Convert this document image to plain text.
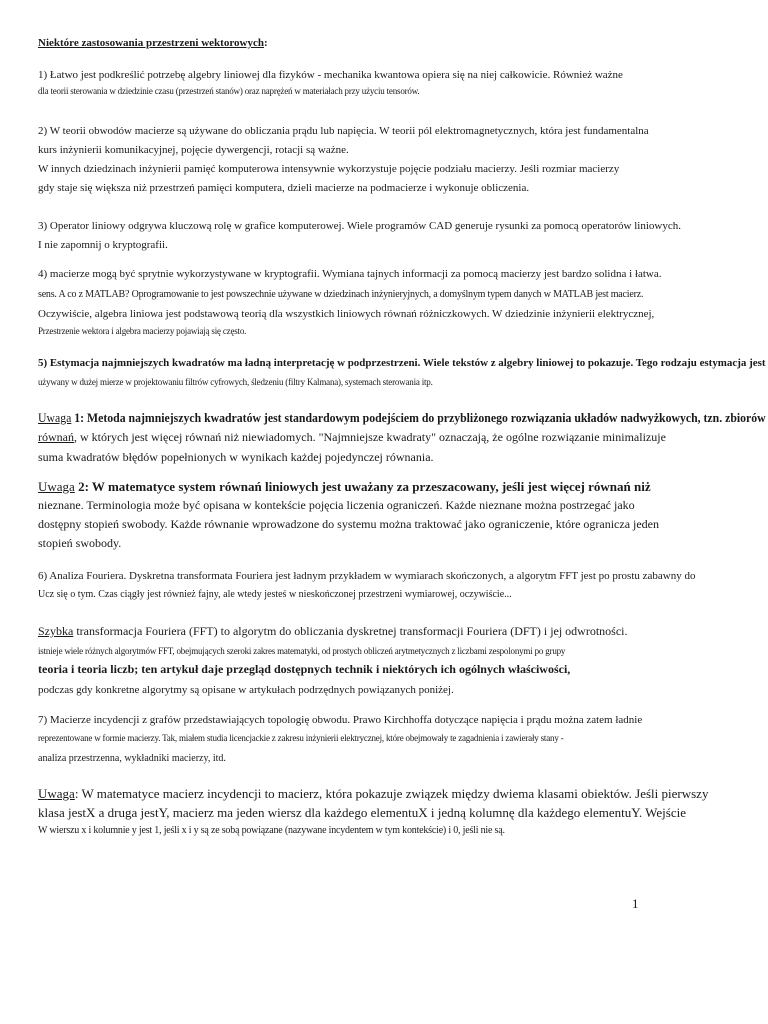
Niektóre zastosowania przestrzeni wektorowych:

1) Łatwo jest podkreślić potrzebę algebry liniowej dla fizyków - mechanika kwantowa opiera się na niej całkowicie. Również ważne

dla teorii sterowania w dziedzinie czasu (przestrzeń stanów) oraz naprężeń w materiałach przy użyciu tensorów.

2) W teorii obwodów macierze są używane do obliczania prądu lub napięcia. W teorii pól elektromagnetycznych, która jest fundamentalna

kurs inżynierii komunikacyjnej, pojęcie dywergencji, rotacji są ważne.

W innych dziedzinach inżynierii pamięć komputerowa intensywnie wykorzystuje pojęcie podziału macierzy. Jeśli rozmiar macierzy

gdy staje się większa niż przestrzeń pamięci komputera, dzieli macierze na podmacierze i wykonuje obliczenia.

3) Operator liniowy odgrywa kluczową rolę w grafice komputerowej. Wiele programów CAD generuje rysunki za pomocą operatorów liniowych.

I nie zapomnij o kryptografii.

4) macierze mogą być sprytnie wykorzystywane w kryptografii. Wymiana tajnych informacji za pomocą macierzy jest bardzo solidna i łatwa.

sens. A co z MATLAB? Oprogramowanie to jest powszechnie używane w dziedzinach inżynieryjnych, a domyślnym typem danych w MATLAB jest macierz.

Oczywiście, algebra liniowa jest podstawową teorią dla wszystkich liniowych równań różniczkowych. W dziedzinie inżynierii elektrycznej,

Przestrzenie wektora i algebra macierzy pojawiają się często.

5) Estymacja najmniejszych kwadratów ma ładną interpretację w podprzestrzeni. Wiele tekstów z algebry liniowej to pokazuje. Tego rodzaju estymacja jest

używany w dużej mierze w projektowaniu filtrów cyfrowych, śledzeniu (filtry Kalmana), systemach sterowania itp.

Uwaga 1: Metoda najmniejszych kwadratów jest standardowym podejściem do przybliżonego rozwiązania układów nadwyżkowych, tzn. zbiorów

równań, w których jest więcej równań niż niewiadomych. "Najmniejsze kwadraty" oznaczają, że ogólne rozwiązanie minimalizuje

suma kwadratów błędów popełnionych w wynikach każdej pojedynczej równania.

Uwaga 2: W matematyce system równań liniowych jest uważany za przeszacowany, jeśli jest więcej równań niż

nieznane. Terminologia może być opisana w kontekście pojęcia liczenia ograniczeń. Każde nieznane można postrzegać jako

dostępny stopień swobody. Każde równanie wprowadzone do systemu można traktować jako ograniczenie, które ogranicza jeden

stopień swobody.

6) Analiza Fouriera. Dyskretna transformata Fouriera jest ładnym przykładem w wymiarach skończonych, a algorytm FFT jest po prostu zabawny do

Ucz się o tym. Czas ciągły jest również fajny, ale wtedy jesteś w nieskończonej przestrzeni wymiarowej, oczywiście...

Szybka transformacja Fouriera (FFT) to algorytm do obliczania dyskretnej transformacji Fouriera (DFT) i jej odwrotności.

istnieje wiele różnych algorytmów FFT, obejmujących szeroki zakres matematyki, od prostych obliczeń arytmetycznych z liczbami zespolonymi po grupy

teoria i teoria liczb; ten artykuł daje przegląd dostępnych technik i niektórych ich ogólnych właściwości,

podczas gdy konkretne algorytmy są opisane w artykułach podrzędnych powiązanych poniżej.

7) Macierze incydencji z grafów przedstawiających topologię obwodu. Prawo Kirchhoffa dotyczące napięcia i prądu można zatem ładnie

reprezentowane w formie macierzy. Tak, miałem studia licencjackie z zakresu inżynierii elektrycznej, które obejmowały te zagadnienia i zawierały stany -

analiza przestrzenna, wykładniki macierzy, itd.

Uwaga: W matematyce macierz incydencji to macierz, która pokazuje związek między dwiema klasami obiektów. Jeśli pierwszy

klasa jestX a druga jestY, macierz ma jeden wiersz dla każdego elementuX i jedną kolumnę dla każdego elementuY. Wejście

W wierszu x i kolumnie y jest 1, jeśli x i y są ze sobą powiązane (nazywane incydentem w tym kontekście) i 0, jeśli nie są.

1
